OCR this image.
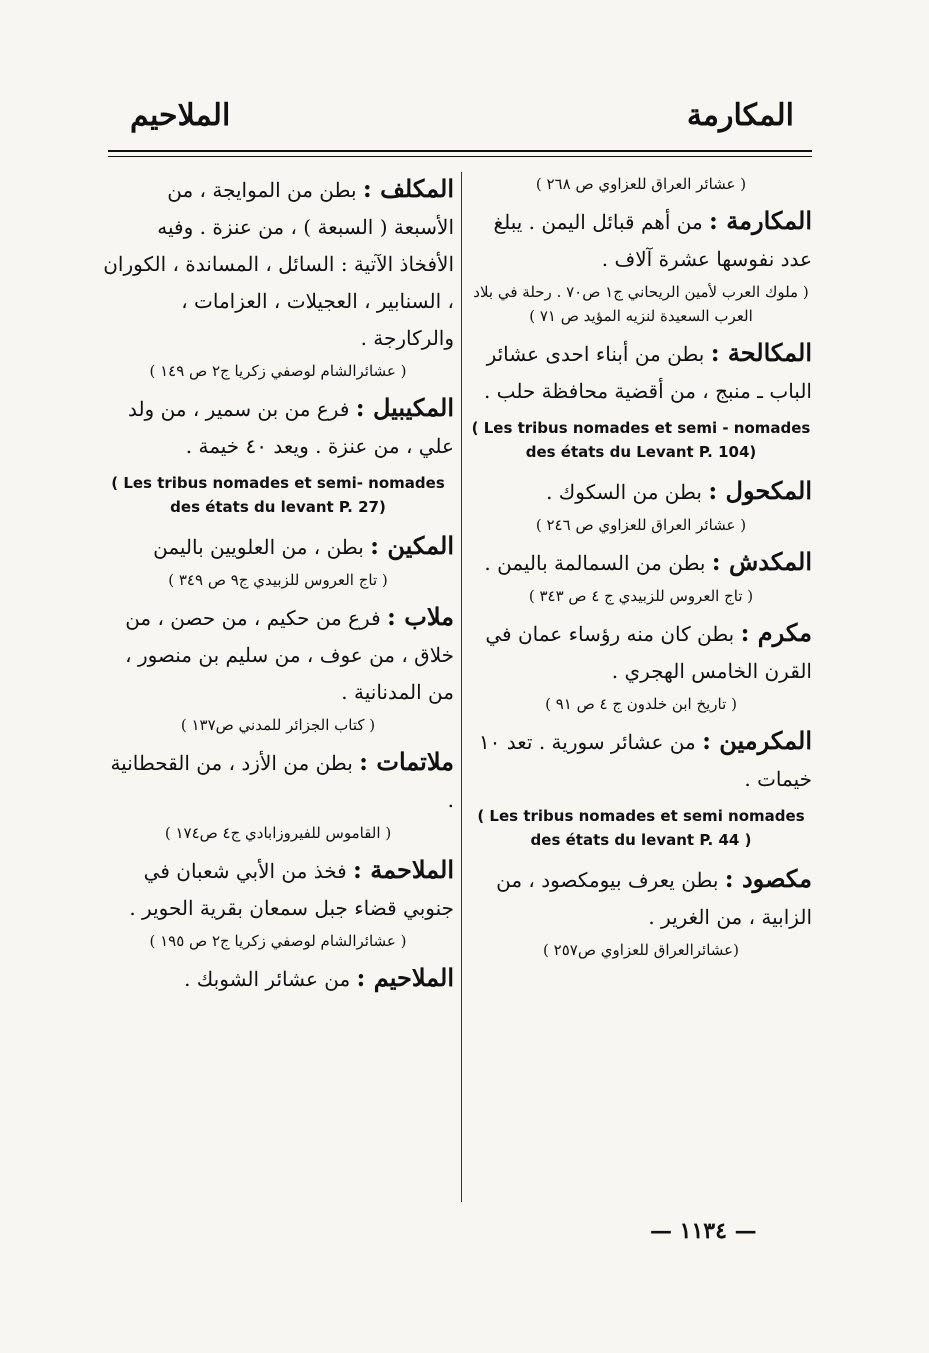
الملاحيم	المكارمة
( عشائر العراق للعزاوي ص ٢٦٨ )
المكارمة : من أهم قبائل اليمن . يبلغ عدد نفوسها عشرة آلاف .
( ملوك العرب لأمين الريحاني ج١ ص٧٠ . رحلة في بلاد العرب السعيدة لنزيه المؤيد ص ٧١ )
المكالحة : بطن من أبناء احدى عشائر الباب ـ منبج ، من أقضية محافظة حلب .
( Les tribus nomades et semi - nomades des états du Levant P. 104)
المكحول : بطن من السكوك .
( عشائر العراق للعزاوي ص ٢٤٦ )
المكدش : بطن من السمالمة باليمن .
( تاج العروس للزبيدي ج ٤ ص ٣٤٣ )
مكرم : بطن كان منه رؤساء عمان في القرن الخامس الهجري .
( تاريخ ابن خلدون ج ٤ ص ٩١ )
المكرمين : من عشائر سورية . تعد ١٠ خيمات .
( Les tribus nomades et semi nomades des états du levant P. 44 )
مكصود : بطن يعرف بيومكصود ، من الزابية ، من الغرير .
(عشائرالعراق للعزاوي ص٢٥٧ )
المكلف : بطن من الموايجة ، من الأسبعة ( السبعة ) ، من عنزة . وفيه الأفخاذ الآتية : السائل ، المساندة ، الكوران ، السنابير ، العجيلات ، العزامات ، والركارجة .
( عشائرالشام لوصفي زكريا ج٢ ص ١٤٩ )
المكيبيل : فرع من بن سمير ، من ولد علي ، من عنزة . ويعد ٤٠ خيمة .
( Les tribus nomades et semi- nomades des états du levant P. 27)
المكين : بطن ، من العلويين باليمن
( تاج العروس للزبيدي ج٩ ص ٣٤٩ )
ملاب : فرع من حكيم ، من حصن ، من خلاق ، من عوف ، من سليم بن منصور ، من المدنانية .
( كتاب الجزائر للمدني ص١٣٧ )
ملاتمات : بطن من الأزد ، من القحطانية .
( القاموس للفيروزابادي ج٤ ص١٧٤ )
الملاحمة : فخذ من الأبي شعبان في جنوبي قضاء جبل سمعان بقرية الحوير .
( عشائرالشام لوصفي زكريا ج٢ ص ١٩٥ )
الملاحيم : من عشائر الشوبك .
— ١١٣٤ —
